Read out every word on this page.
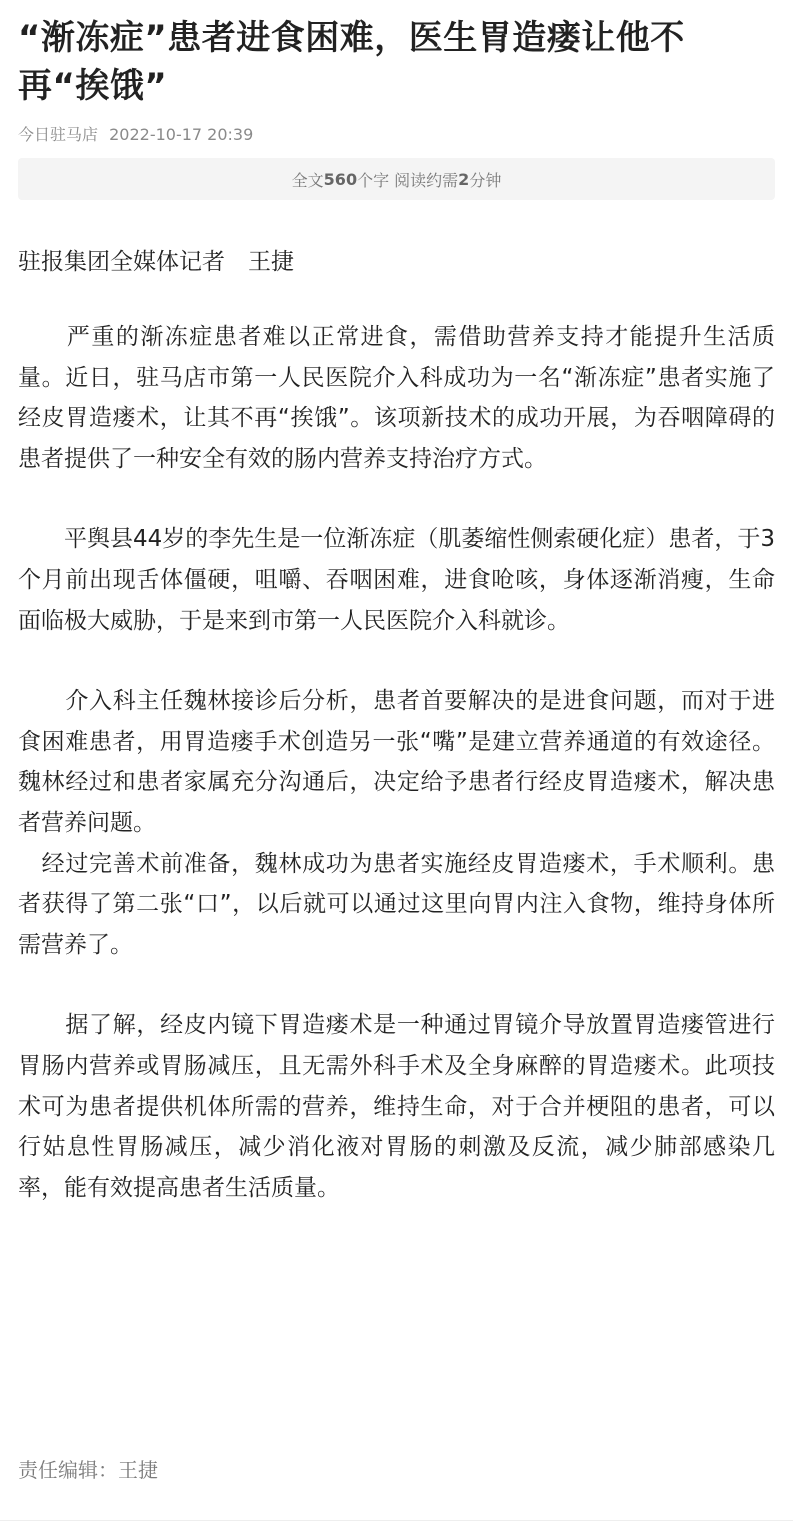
“渐冻症”患者进食困难，医生胃造瘘让他不再“挨饿”
今日驻马店 2022-10-17 20:39
全文 560 个字 阅读约需 2 分钟
驻报集团全媒体记者　王捷

　　严重的渐冻症患者难以正常进食，需借助营养支持才能提升生活质量。近日，驻马店市第一人民医院介入科成功为一名“渐冻症”患者实施了经皮胃造瘘术，让其不再“挨饿”。该项新技术的成功开展，为吞咽障碍的患者提供了一种安全有效的肠内营养支持治疗方式。

　　平舆县44岁的李先生是一位渐冻症（肌萎缩性侧索硬化症）患者，于3个月前出现舌体僵硬，咀嚼、吞咽困难，进食呛咳，身体逐渐消瘦，生命面临极大威胁，于是来到市第一人民医院介入科就诊。

　　介入科主任魏林接诊后分析，患者首要解决的是进食问题，而对于进食困难患者，用胃造瘘手术创造另一张“嘴”是建立营养通道的有效途径。魏林经过和患者家属充分沟通后，决定给予患者行经皮胃造瘘术，解决患者营养问题。

　经过完善术前准备，魏林成功为患者实施经皮胃造瘘术，手术顺利。患者获得了第二张“口”，以后就可以通过这里向胃内注入食物，维持身体所需营养了。

　　据了解，经皮内镜下胃造瘘术是一种通过胃镜介导放置胃造瘘管进行胃肠内营养或胃肠减压，且无需外科手术及全身麻醉的胃造瘘术。此项技术可为患者提供机体所需的营养，维持生命，对于合并梗阻的患者，可以行姑息性胃肠减压，减少消化液对胃肠的刺激及反流，减少肺部感染几率，能有效提高患者生活质量。

责任编辑：王捷
